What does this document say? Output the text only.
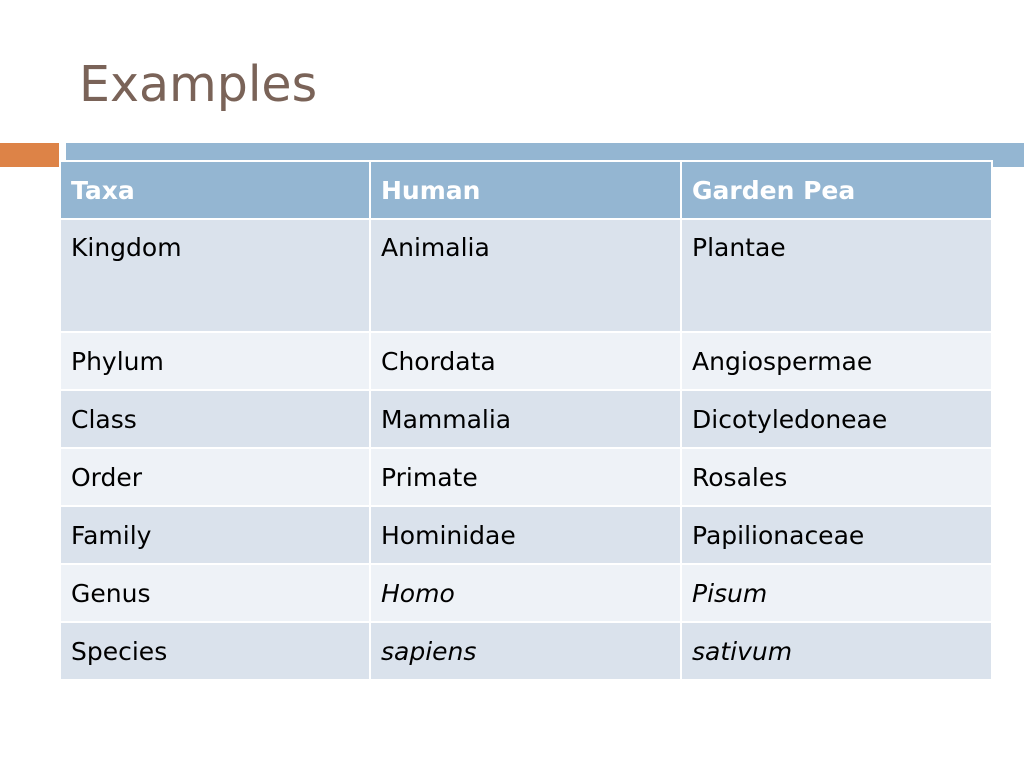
Examples
Taxa	Human	Garden Pea
Kingdom	Animalia	Plantae
Phylum	Chordata	Angiospermae
Class	Mammalia	Dicotyledoneae
Order	Primate	Rosales
Family	Hominidae	Papilionaceae
Genus	Homo	Pisum
Species	sapiens	sativum
